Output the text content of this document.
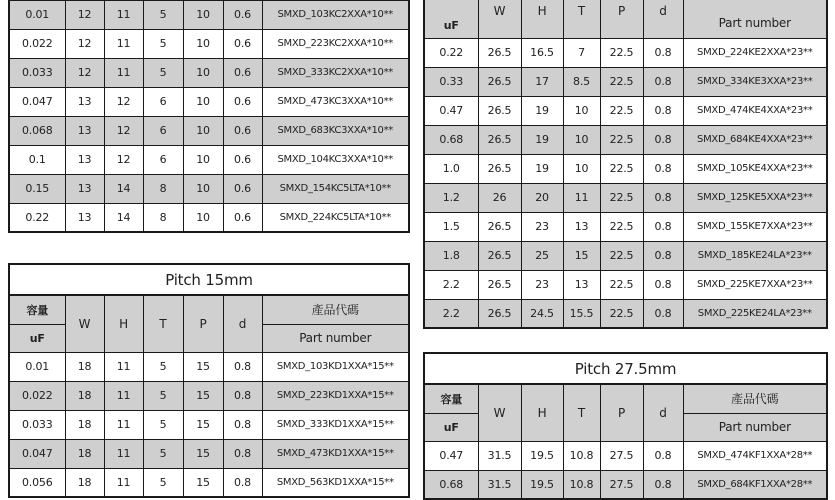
0.01	12	11	5	10	0.6	SMXD_103KC2XXA*10**
0.022	12	11	5	10	0.6	SMXD_223KC2XXA*10**
0.033	12	11	5	10	0.6	SMXD_333KC2XXA*10**
0.047	13	12	6	10	0.6	SMXD_473KC3XXA*10**
0.068	13	12	6	10	0.6	SMXD_683KC3XXA*10**
0.1	13	12	6	10	0.6	SMXD_104KC3XXA*10**
0.15	13	14	8	10	0.6	SMXD_154KC5LTA*10**
0.22	13	14	8	10	0.6	SMXD_224KC5LTA*10**
Pitch 15mm						
容量	W	H	T	P	d	產品代碼
uF						Part number
0.01	18	11	5	15	0.8	SMXD_103KD1XXA*15**
0.022	18	11	5	15	0.8	SMXD_223KD1XXA*15**
0.033	18	11	5	15	0.8	SMXD_333KD1XXA*15**
0.047	18	11	5	15	0.8	SMXD_473KD1XXA*15**
0.056	18	11	5	15	0.8	SMXD_563KD1XXA*15**
uF	W	H	T	P	d	Part number
0.22	26.5	16.5	7	22.5	0.8	SMXD_224KE2XXA*23**
0.33	26.5	17	8.5	22.5	0.8	SMXD_334KE3XXA*23**
0.47	26.5	19	10	22.5	0.8	SMXD_474KE4XXA*23**
0.68	26.5	19	10	22.5	0.8	SMXD_684KE4XXA*23**
1.0	26.5	19	10	22.5	0.8	SMXD_105KE4XXA*23**
1.2	26	20	11	22.5	0.8	SMXD_125KE5XXA*23**
1.5	26.5	23	13	22.5	0.8	SMXD_155KE7XXA*23**
1.8	26.5	25	15	22.5	0.8	SMXD_185KE24LA*23**
2.2	26.5	23	13	22.5	0.8	SMXD_225KE7XXA*23**
2.2	26.5	24.5	15.5	22.5	0.8	SMXD_225KE24LA*23**
Pitch 27.5mm						
容量	W	H	T	P	d	產品代碼
uF						Part number
0.47	31.5	19.5	10.8	27.5	0.8	SMXD_474KF1XXA*28**
0.68	31.5	19.5	10.8	27.5	0.8	SMXD_684KF1XXA*28**
